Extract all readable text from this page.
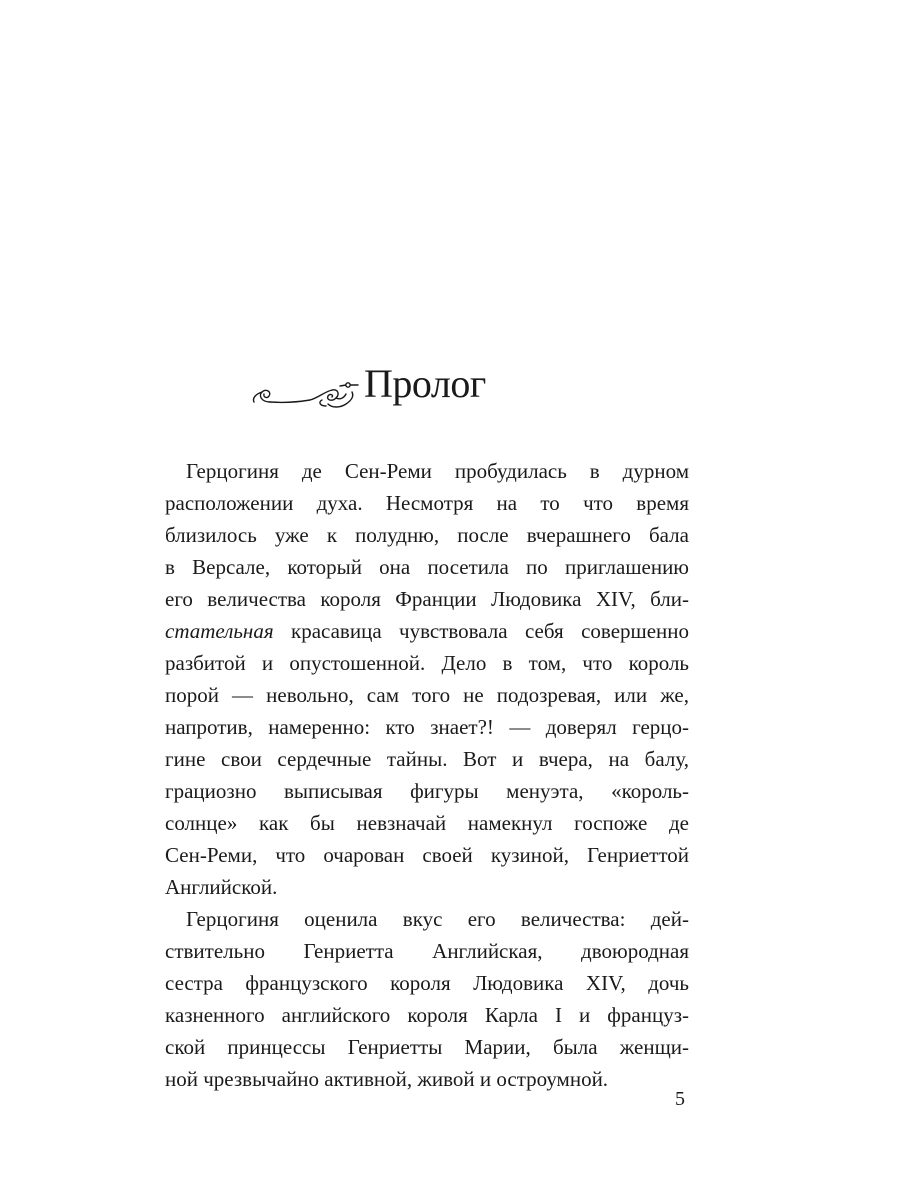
Пролог
Герцогиня де Сен-Реми пробудилась в дурном
расположении духа. Несмотря на то что время
близилось уже к полудню, после вчерашнего бала
в Версале, который она посетила по приглашению
его величества короля Франции Людовика XIV, бли-
стательная красавица чувствовала себя совершенно
разбитой и опустошенной. Дело в том, что король
порой — невольно, сам того не подозревая, или же,
напротив, намеренно: кто знает?! — доверял герцо-
гине свои сердечные тайны. Вот и вчера, на балу,
грациозно выписывая фигуры менуэта, «король-
солнце» как бы невзначай намекнул госпоже де
Сен-Реми, что очарован своей кузиной, Генриеттой
Английской.
Герцогиня оценила вкус его величества: дей-
ствительно Генриетта Английская, двоюродная
сестра французского короля Людовика XIV, дочь
казненного английского короля Карла I и француз-
ской принцессы Генриетты Марии, была женщи-
ной чрезвычайно активной, живой и остроумной.
5
